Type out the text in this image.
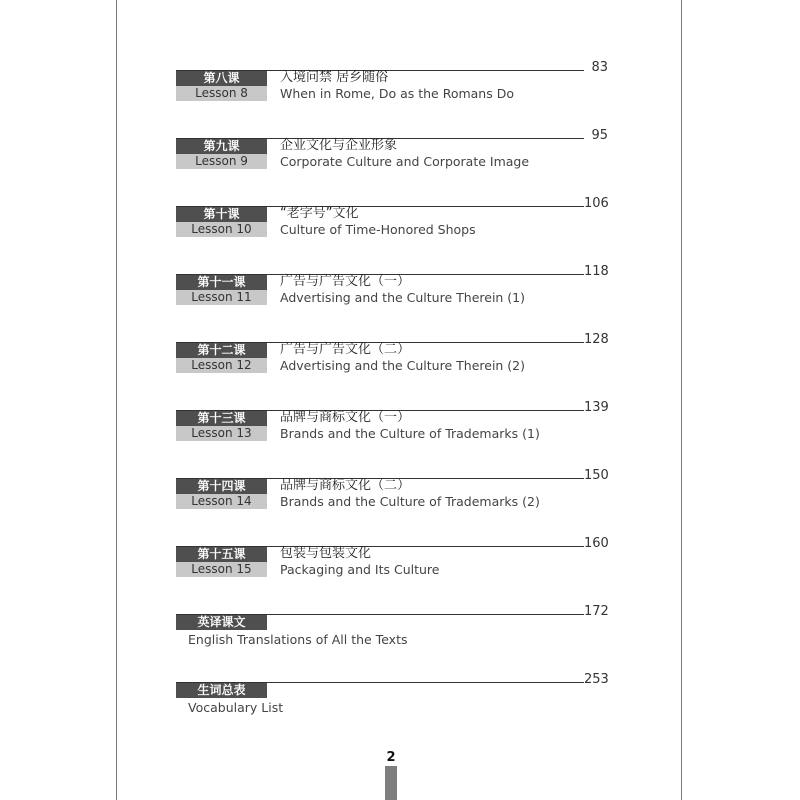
83
第八课
Lesson 8
入境问禁 居乡随俗
When in Rome, Do as the Romans Do
95
第九课
Lesson 9
企业文化与企业形象
Corporate Culture and Corporate Image
106
第十课
Lesson 10
“老字号”文化
Culture of Time-Honored Shops
118
第十一课
Lesson 11
广告与广告文化（一）
Advertising and the Culture Therein (1)
128
第十二课
Lesson 12
广告与广告文化（二）
Advertising and the Culture Therein (2)
139
第十三课
Lesson 13
品牌与商标文化（一）
Brands and the Culture of Trademarks (1)
150
第十四课
Lesson 14
品牌与商标文化（二）
Brands and the Culture of Trademarks (2)
160
第十五课
Lesson 15
包装与包装文化
Packaging and Its Culture
172
英译课文
English Translations of All the Texts
253
生词总表
Vocabulary List
2
